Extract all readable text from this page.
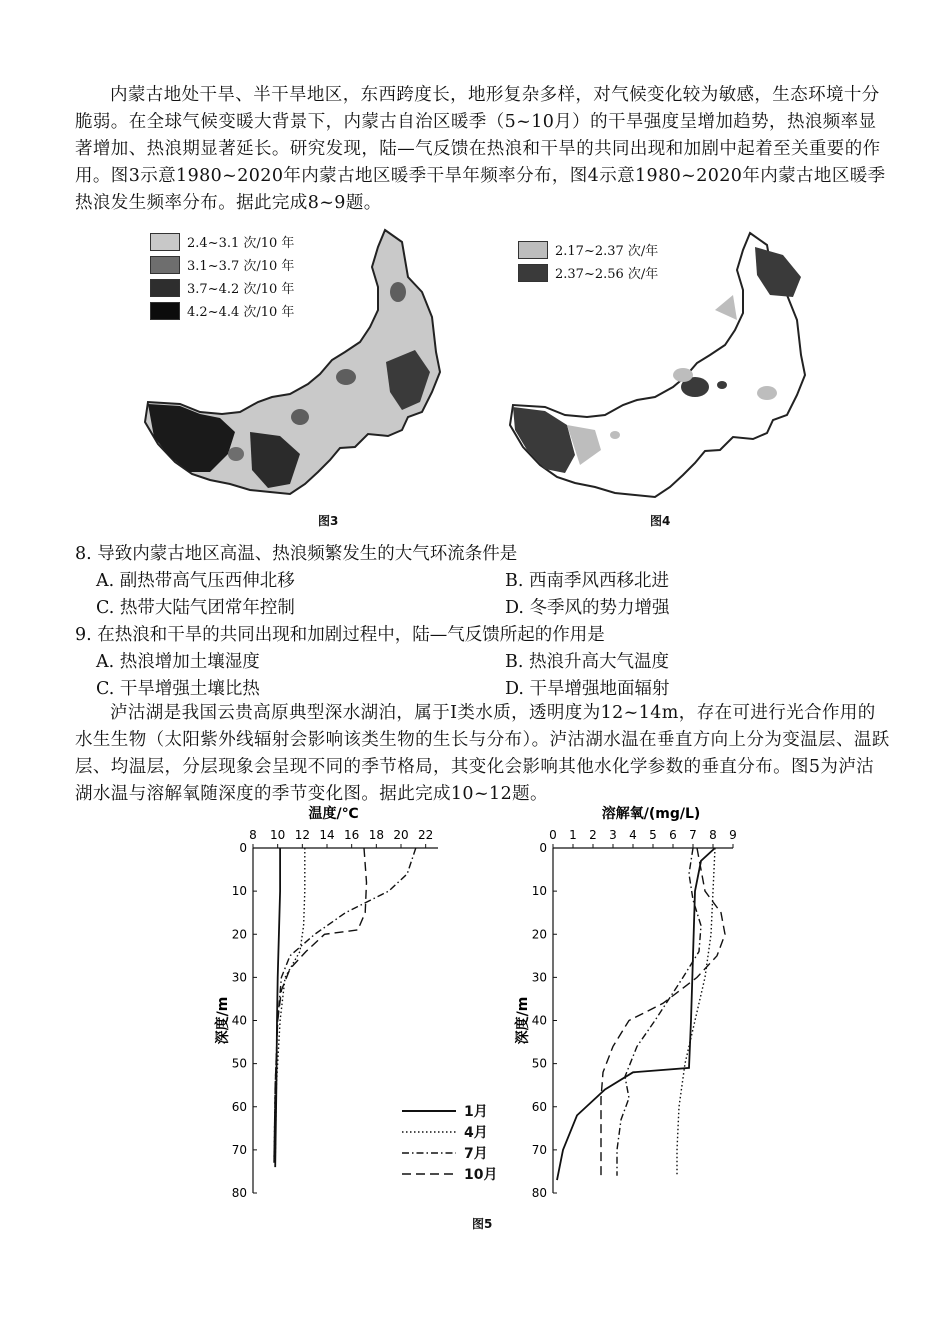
内蒙古地处干旱、半干旱地区，东西跨度长，地形复杂多样，对气候变化较为敏感，生态环境十分脆弱。在全球气候变暖大背景下，内蒙古自治区暖季（5~10月）的干旱强度呈增加趋势，热浪频率显著增加、热浪期显著延长。研究发现，陆—气反馈在热浪和干旱的共同出现和加剧中起着至关重要的作用。图3示意1980~2020年内蒙古地区暖季干旱年频率分布，图4示意1980~2020年内蒙古地区暖季热浪发生频率分布。据此完成8~9题。
2.4~3.1 次/10 年
3.1~3.7 次/10 年
3.7~4.2 次/10 年
4.2~4.4 次/10 年
图3
2.17~2.37 次/年
2.37~2.56 次/年
图4
8. 导致内蒙古地区高温、热浪频繁发生的大气环流条件是
A. 副热带高气压西伸北移	B. 西南季风西移北进
C. 热带大陆气团常年控制	D. 冬季风的势力增强
9. 在热浪和干旱的共同出现和加剧过程中，陆—气反馈所起的作用是
A. 热浪增加土壤湿度	B. 热浪升高大气温度
C. 干旱增强土壤比热	D. 干旱增强地面辐射
泸沽湖是我国云贵高原典型深水湖泊，属于Ⅰ类水质，透明度为12~14m，存在可进行光合作用的水生生物（太阳紫外线辐射会影响该类生物的生长与分布）。泸沽湖水温在垂直方向上分为变温层、温跃层、均温层，分层现象会呈现不同的季节格局，其变化会影响其他水化学参数的垂直分布。图5为泸沽湖水温与溶解氧随深度的季节变化图。据此完成10~12题。
温度/℃
8 10 12 14 16 18 20 22
0
10
20
30
40
50
60
70
80
深度/m
溶解氧/(mg/L)
0 1 2 3 4 5 6 7 8 9
0
10
20
30
40
50
60
70
80
深度/m
图5
1月
4月
7月
10月
